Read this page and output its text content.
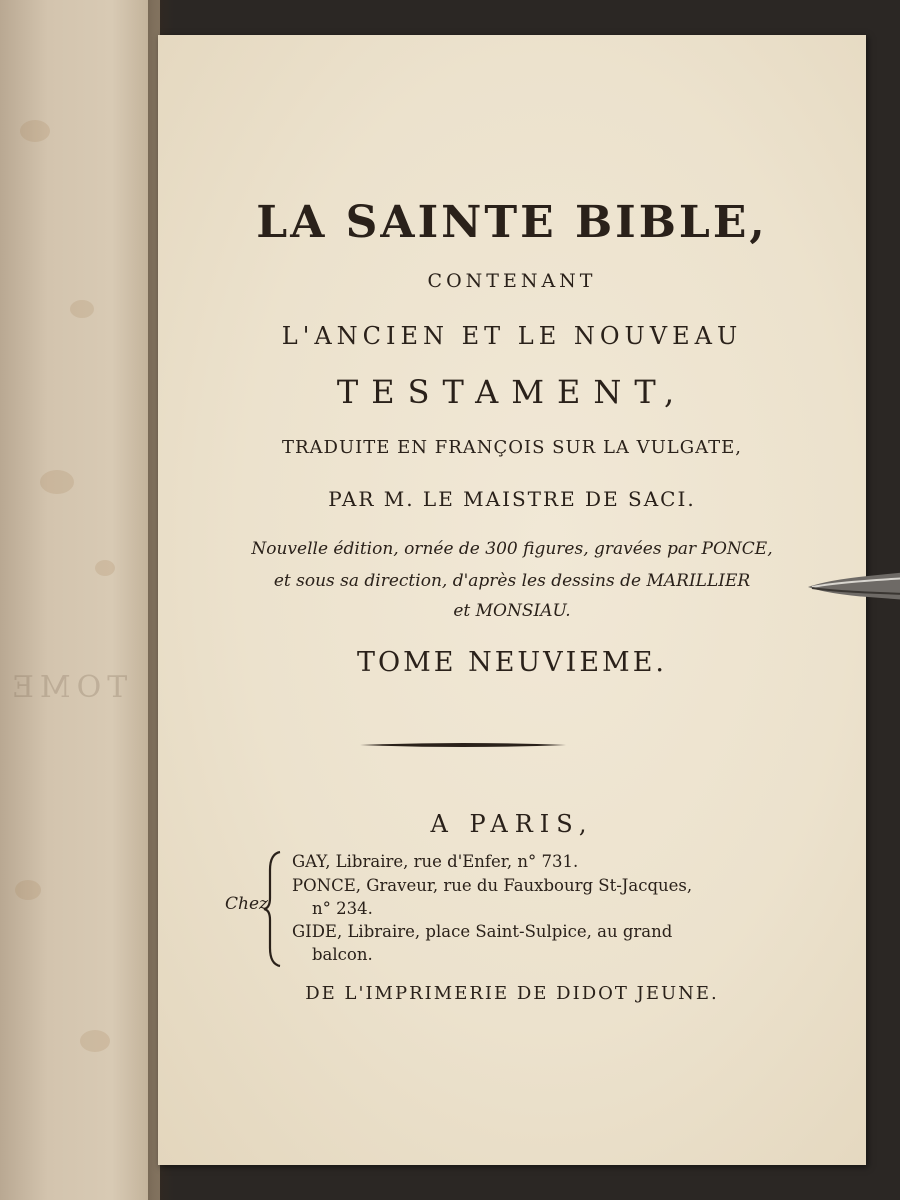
TOME
LA SAINTE BIBLE,
CONTENANT
L'ANCIEN ET LE NOUVEAU
TESTAMENT,
TRADUITE EN FRANÇOIS SUR LA VULGATE,
PAR M. LE MAISTRE DE SACI.
Nouvelle édition, ornée de 300 figures, gravées par PONCE,
et sous sa direction, d'après les dessins de MARILLIER
et MONSIAU.
TOME NEUVIEME.
A PARIS,
Chez
GAY, Libraire, rue d'Enfer, n° 731.
PONCE, Graveur, rue du Fauxbourg St-Jacques,
n° 234.
GIDE, Libraire, place Saint-Sulpice, au grand
balcon.
DE L'IMPRIMERIE DE DIDOT JEUNE.
